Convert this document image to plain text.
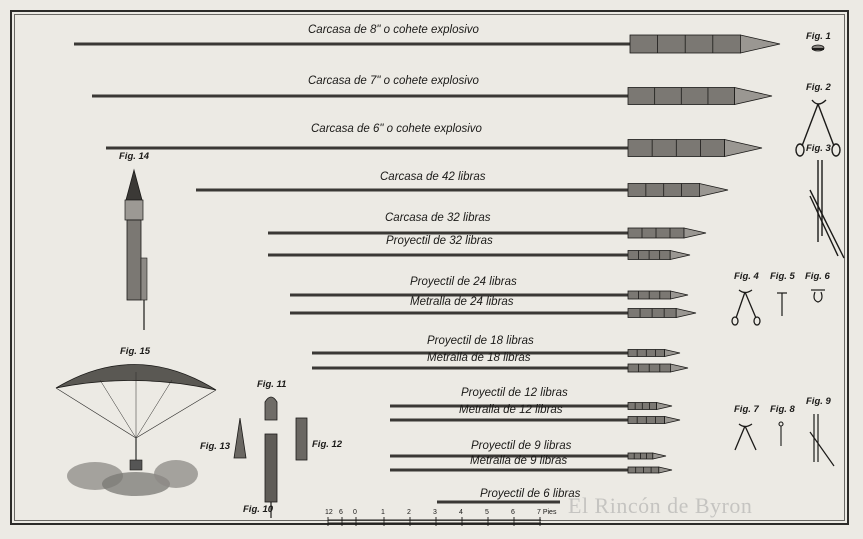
Carcasa de 8" o cohete explosivo
Carcasa de 7" o cohete explosivo
Carcasa de 6" o cohete explosivo
Carcasa de 42 libras
Carcasa de 32 libras
Proyectil de 32 libras
Proyectil de 24 libras
Metralla de 24 libras
Proyectil de 18 libras
Metralla de 18 libras
Proyectil de 12 libras
Metralla de 12 libras
Proyectil de 9 libras
Metralla de 9 libras
Proyectil de 6 libras
Fig. 1
Fig. 2
Fig. 3
Fig. 4 Fig. 5 Fig. 6
Fig. 7 Fig. 8
Fig. 9
Fig. 10
Fig. 11
Fig. 12
Fig. 13
Fig. 14
Fig. 15
12 6 0	1	2	3	4	5	6	7 Pies El Rincón de Byron
